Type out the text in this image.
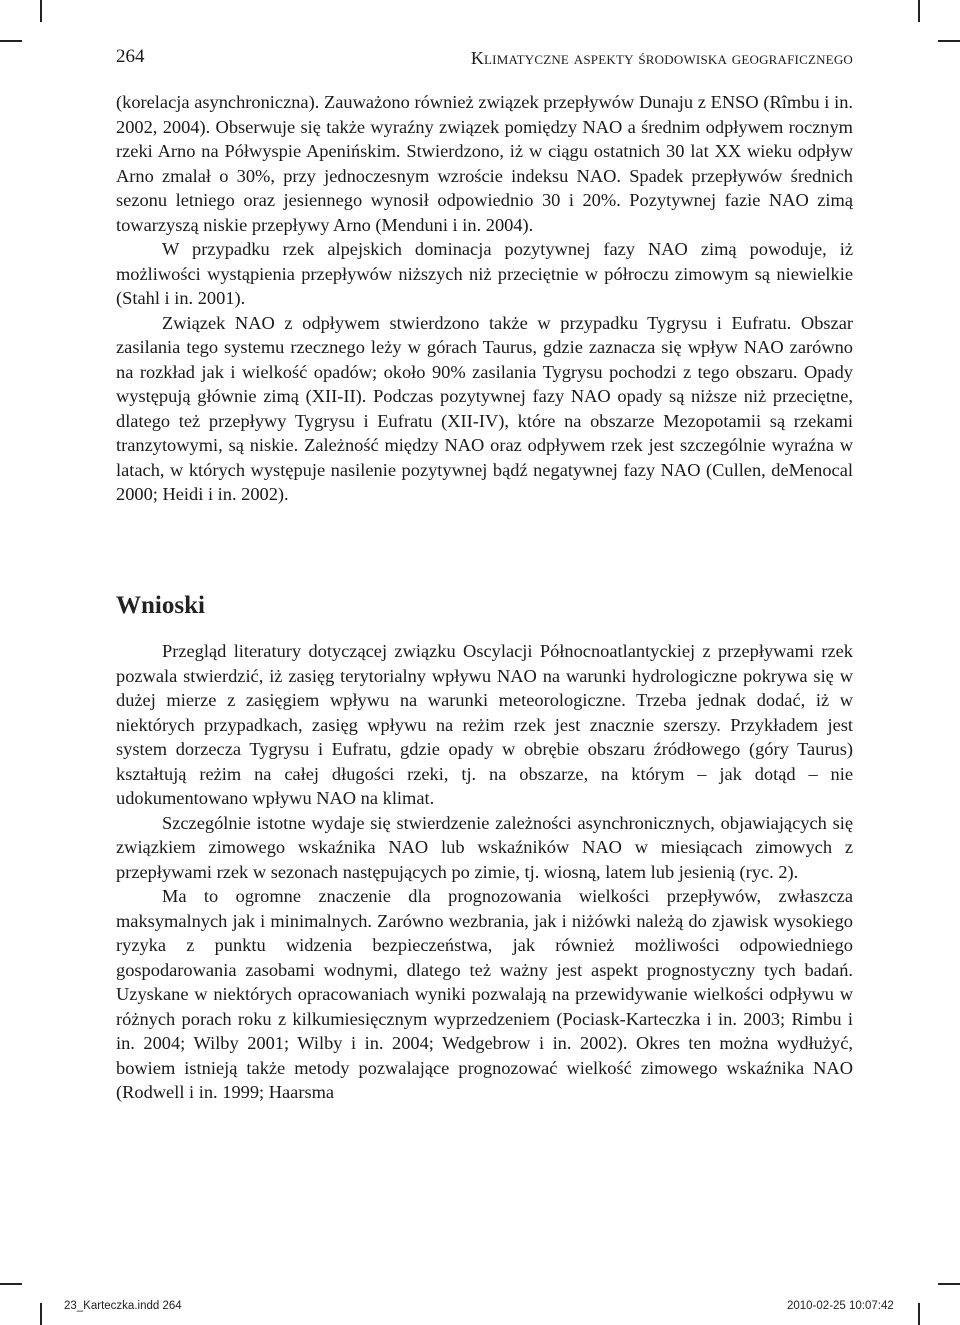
264	Klimatyczne aspekty środowiska geograficznego

(korelacja asynchroniczna). Zauważono również związek przepływów Dunaju z ENSO (Rîmbu i in. 2002, 2004). Obserwuje się także wyraźny związek pomiędzy NAO a średnim odpływem rocznym rzeki Arno na Półwyspie Apenińskim. Stwierdzono, iż w ciągu ostatnich 30 lat XX wieku odpływ Arno zmalał o 30%, przy jednoczesnym wzroście indeksu NAO. Spadek przepływów średnich sezonu letniego oraz jesiennego wynosił odpowiednio 30 i 20%. Pozytywnej fazie NAO zimą towarzyszą niskie przepływy Arno (Menduni i in. 2004).

W przypadku rzek alpejskich dominacja pozytywnej fazy NAO zimą powoduje, iż możliwości wystąpienia przepływów niższych niż przeciętnie w półroczu zimowym są niewielkie (Stahl i in. 2001).

Związek NAO z odpływem stwierdzono także w przypadku Tygrysu i Eufratu. Obszar zasilania tego systemu rzecznego leży w górach Taurus, gdzie zaznacza się wpływ NAO zarówno na rozkład jak i wielkość opadów; około 90% zasilania Tygrysu pochodzi z tego obszaru. Opady występują głównie zimą (XII-II). Podczas pozytywnej fazy NAO opady są niższe niż przeciętne, dlatego też przepływy Tygrysu i Eufratu (XII-IV), które na obszarze Mezopotamii są rzekami tranzytowymi, są niskie. Zależność między NAO oraz odpływem rzek jest szczególnie wyraźna w latach, w których występuje nasilenie pozytywnej bądź negatywnej fazy NAO (Cullen, deMenocal 2000; Heidi i in. 2002).

Wnioski

Przegląd literatury dotyczącej związku Oscylacji Północnoatlantyckiej z przepływami rzek pozwala stwierdzić, iż zasięg terytorialny wpływu NAO na warunki hydrologiczne pokrywa się w dużej mierze z zasięgiem wpływu na warunki meteorologiczne. Trzeba jednak dodać, iż w niektórych przypadkach, zasięg wpływu na reżim rzek jest znacznie szerszy. Przykładem jest system dorzecza Tygrysu i Eufratu, gdzie opady w obrębie obszaru źródłowego (góry Taurus) kształtują reżim na całej długości rzeki, tj. na obszarze, na którym – jak dotąd – nie udokumentowano wpływu NAO na klimat.

Szczególnie istotne wydaje się stwierdzenie zależności asynchronicznych, objawiających się związkiem zimowego wskaźnika NAO lub wskaźników NAO w miesiącach zimowych z przepływami rzek w sezonach następujących po zimie, tj. wiosną, latem lub jesienią (ryc. 2).

Ma to ogromne znaczenie dla prognozowania wielkości przepływów, zwłaszcza maksymalnych jak i minimalnych. Zarówno wezbrania, jak i niżówki należą do zjawisk wysokiego ryzyka z punktu widzenia bezpieczeństwa, jak również możliwości odpowiedniego gospodarowania zasobami wodnymi, dlatego też ważny jest aspekt prognostyczny tych badań. Uzyskane w niektórych opracowaniach wyniki pozwalają na przewidywanie wielkości odpływu w różnych porach roku z kilkumiesięcznym wyprzedzeniem (Pociask-Karteczka i in. 2003; Rimbu i in. 2004; Wilby 2001; Wilby i in. 2004; Wedgebrow i in. 2002). Okres ten można wydłużyć, bowiem istnieją także metody pozwalające prognozować wielkość zimowego wskaźnika NAO (Rodwell i in. 1999; Haarsma

23_Karteczka.indd 264	2010-02-25 10:07:42
